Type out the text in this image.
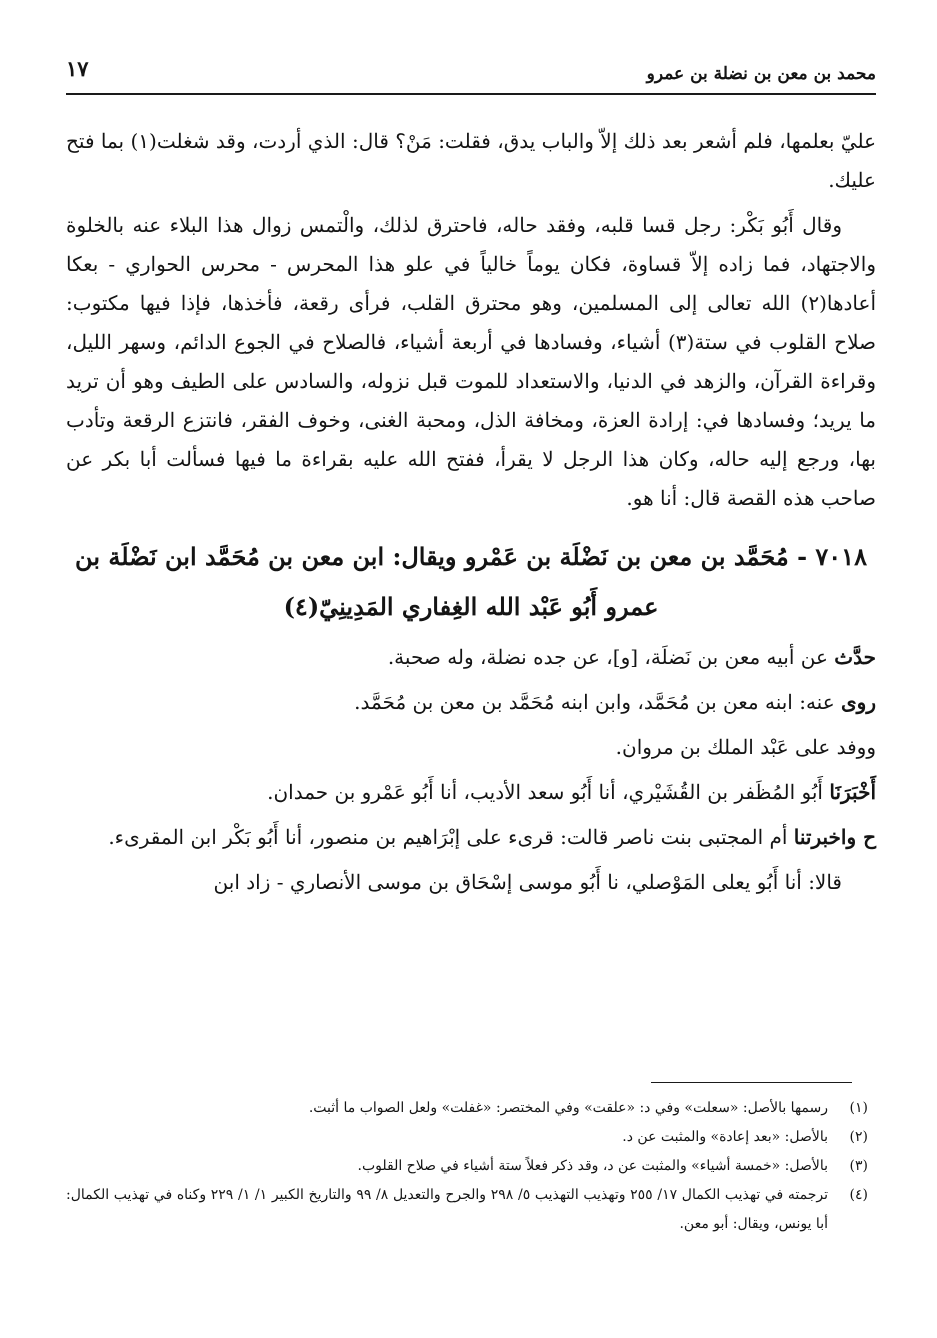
محمد بن معن بن نضلة بن عمرو
١٧

عليّ بعلمها، فلم أشعر بعد ذلك إلاّ والباب يدق، فقلت: مَنْ؟ قال: الذي أردت، وقد شغلت(١) بما فتح عليك.

وقال أَبُو بَكْر: رجل قسا قلبه، وفقد حاله، فاحترق لذلك، والْتمس زوال هذا البلاء عنه بالخلوة والاجتهاد، فما زاده إلاّ قساوة، فكان يوماً خالياً في علو هذا المحرس - محرس الحواري - بعكا أعادها(٢) الله تعالى إلى المسلمين، وهو محترق القلب، فرأى رقعة، فأخذها، فإذا فيها مكتوب: صلاح القلوب في ستة(٣) أشياء، وفسادها في أربعة أشياء، فالصلاح في الجوع الدائم، وسهر الليل، وقراءة القرآن، والزهد في الدنيا، والاستعداد للموت قبل نزوله، والسادس على الطيف وهو أن تريد ما يريد؛ وفسادها في: إرادة العزة، ومخافة الذل، ومحبة الغنى، وخوف الفقر، فانتزع الرقعة وتأدب بها، ورجع إليه حاله، وكان هذا الرجل لا يقرأ، ففتح الله عليه بقراءة ما فيها فسألت أبا بكر عن صاحب هذه القصة قال: أنا هو.

٧٠١٨ - مُحَمَّد بن معن بن نَضْلَة بن عَمْرو ويقال: ابن معن بن مُحَمَّد ابن نَضْلَة بن عمرو أَبُو عَبْد الله الغِفاري المَدِينِيّ(٤)

حدَّث عن أبيه معن بن نَضلَة، [و]، عن جده نضلة، وله صحبة.

روى عنه: ابنه معن بن مُحَمَّد، وابن ابنه مُحَمَّد بن معن بن مُحَمَّد.

ووفد على عَبْد الملك بن مروان.

أَخْبَرَنَا أَبُو المُظَفر بن القُشَيْري، أنا أَبُو سعد الأديب، أنا أَبُو عَمْرو بن حمدان.

ح واخبرتنا أم المجتبى بنت ناصر قالت: قرىء على إبْرَاهيم بن منصور، أنا أَبُو بَكْر ابن المقرىء.

قالا: أنا أَبُو يعلى المَوْصلي، نا أَبُو موسى إسْحَاق بن موسى الأنصاري - زاد ابن

(١)
رسمها بالأصل: «سعلت» وفي د: «علقت» وفي المختصر: «غفلت» ولعل الصواب ما أثبت.
(٢)
بالأصل: «بعد إعادة» والمثبت عن د.
(٣)
بالأصل: «خمسة أشياء» والمثبت عن د، وقد ذكر فعلاً ستة أشياء في صلاح القلوب.
(٤)
ترجمته في تهذيب الكمال ١٧/ ٢٥٥ وتهذيب التهذيب ٥/ ٢٩٨ والجرح والتعديل ٨/ ٩٩ والتاريخ الكبير ١/ ١/ ٢٢٩ وكناه في تهذيب الكمال: أبا يونس، ويقال: أبو معن.
